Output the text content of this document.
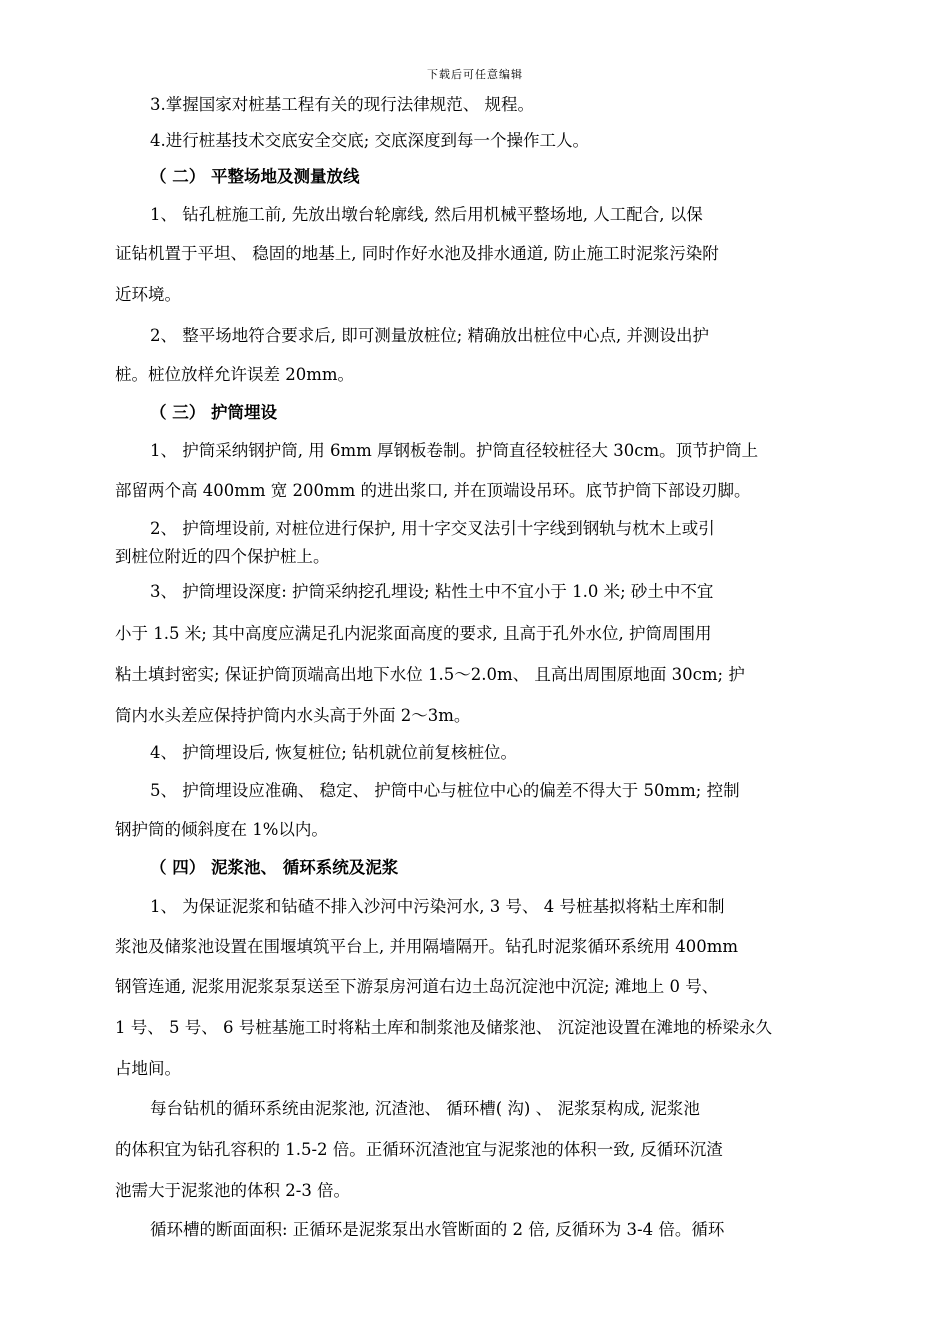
下载后可任意编辑
3.掌握国家对桩基工程有关的现行法律规范、 规程。
4.进行桩基技术交底安全交底; 交底深度到每一个操作工人。
（ 二） 平整场地及测量放线
1、 钻孔桩施工前, 先放出墩台轮廓线, 然后用机械平整场地, 人工配合, 以保
证钻机置于平坦、 稳固的地基上, 同时作好水池及排水通道, 防止施工时泥浆污染附
近环境。
2、 整平场地符合要求后, 即可测量放桩位; 精确放出桩位中心点, 并测设出护
桩。桩位放样允许误差 20mm。
（ 三） 护筒埋设
1、 护筒采纳钢护筒, 用 6mm 厚钢板卷制。护筒直径较桩径大 30cm。顶节护筒上
部留两个高 400mm 宽 200mm 的进出浆口, 并在顶端设吊环。底节护筒下部设刃脚。
2、 护筒埋设前, 对桩位进行保护, 用十字交叉法引十字线到钢轨与枕木上或引
到桩位附近的四个保护桩上。
3、 护筒埋设深度: 护筒采纳挖孔埋设; 粘性土中不宜小于 1.0 米; 砂土中不宜
小于 1.5 米; 其中高度应满足孔内泥浆面高度的要求, 且高于孔外水位, 护筒周围用
粘土填封密实; 保证护筒顶端高出地下水位 1.5～2.0m、 且高出周围原地面 30cm; 护
筒内水头差应保持护筒内水头高于外面 2～3m。
4、 护筒埋设后, 恢复桩位; 钻机就位前复核桩位。
5、 护筒埋设应准确、 稳定、 护筒中心与桩位中心的偏差不得大于 50mm; 控制
钢护筒的倾斜度在 1%以内。
（ 四） 泥浆池、 循环系统及泥浆
1、 为保证泥浆和钻碴不排入沙河中污染河水, 3 号、 4 号桩基拟将粘土库和制
浆池及储浆池设置在围堰填筑平台上, 并用隔墙隔开。钻孔时泥浆循环系统用 400mm
钢管连通, 泥浆用泥浆泵泵送至下游泵房河道右边土岛沉淀池中沉淀; 滩地上 0 号、
1 号、 5 号、 6 号桩基施工时将粘土库和制浆池及储浆池、 沉淀池设置在滩地的桥梁永久
占地间。
每台钻机的循环系统由泥浆池, 沉渣池、 循环槽( 沟) 、 泥浆泵构成, 泥浆池
的体积宜为钻孔容积的 1.5-2 倍。正循环沉渣池宜与泥浆池的体积一致, 反循环沉渣
池需大于泥浆池的体积 2-3 倍。
循环槽的断面面积: 正循环是泥浆泵出水管断面的 2 倍, 反循环为 3-4 倍。循环
